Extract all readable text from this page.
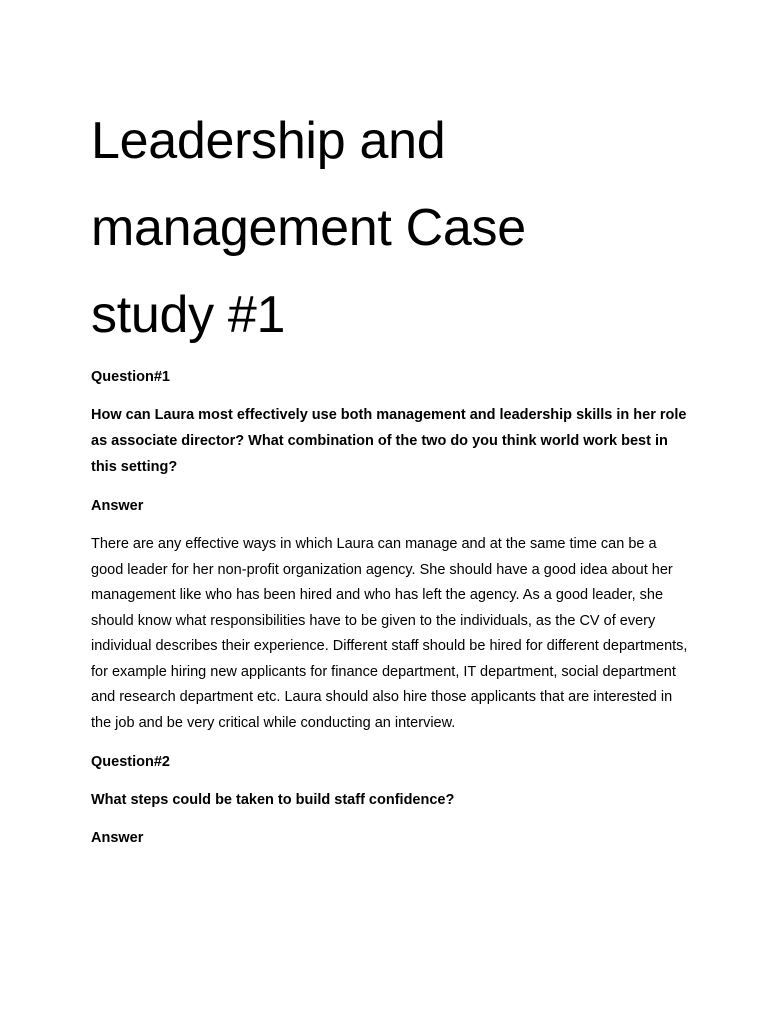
Leadership and
management Case
study #1

Question#1

How can Laura most effectively use both management and leadership skills in her role as associate director? What combination of the two do you think world work best in this setting?

Answer

There are any effective ways in which Laura can manage and at the same time can be a good leader for her non-profit organization agency. She should have a good idea about her management like who has been hired and who has left the agency. As a good leader, she should know what responsibilities have to be given to the individuals, as the CV of every individual describes their experience. Different staff should be hired for different departments, for example hiring new applicants for finance department, IT department, social department and research department etc. Laura should also hire those applicants that are interested in the job and be very critical while conducting an interview.

Question#2

What steps could be taken to build staff confidence?

Answer
